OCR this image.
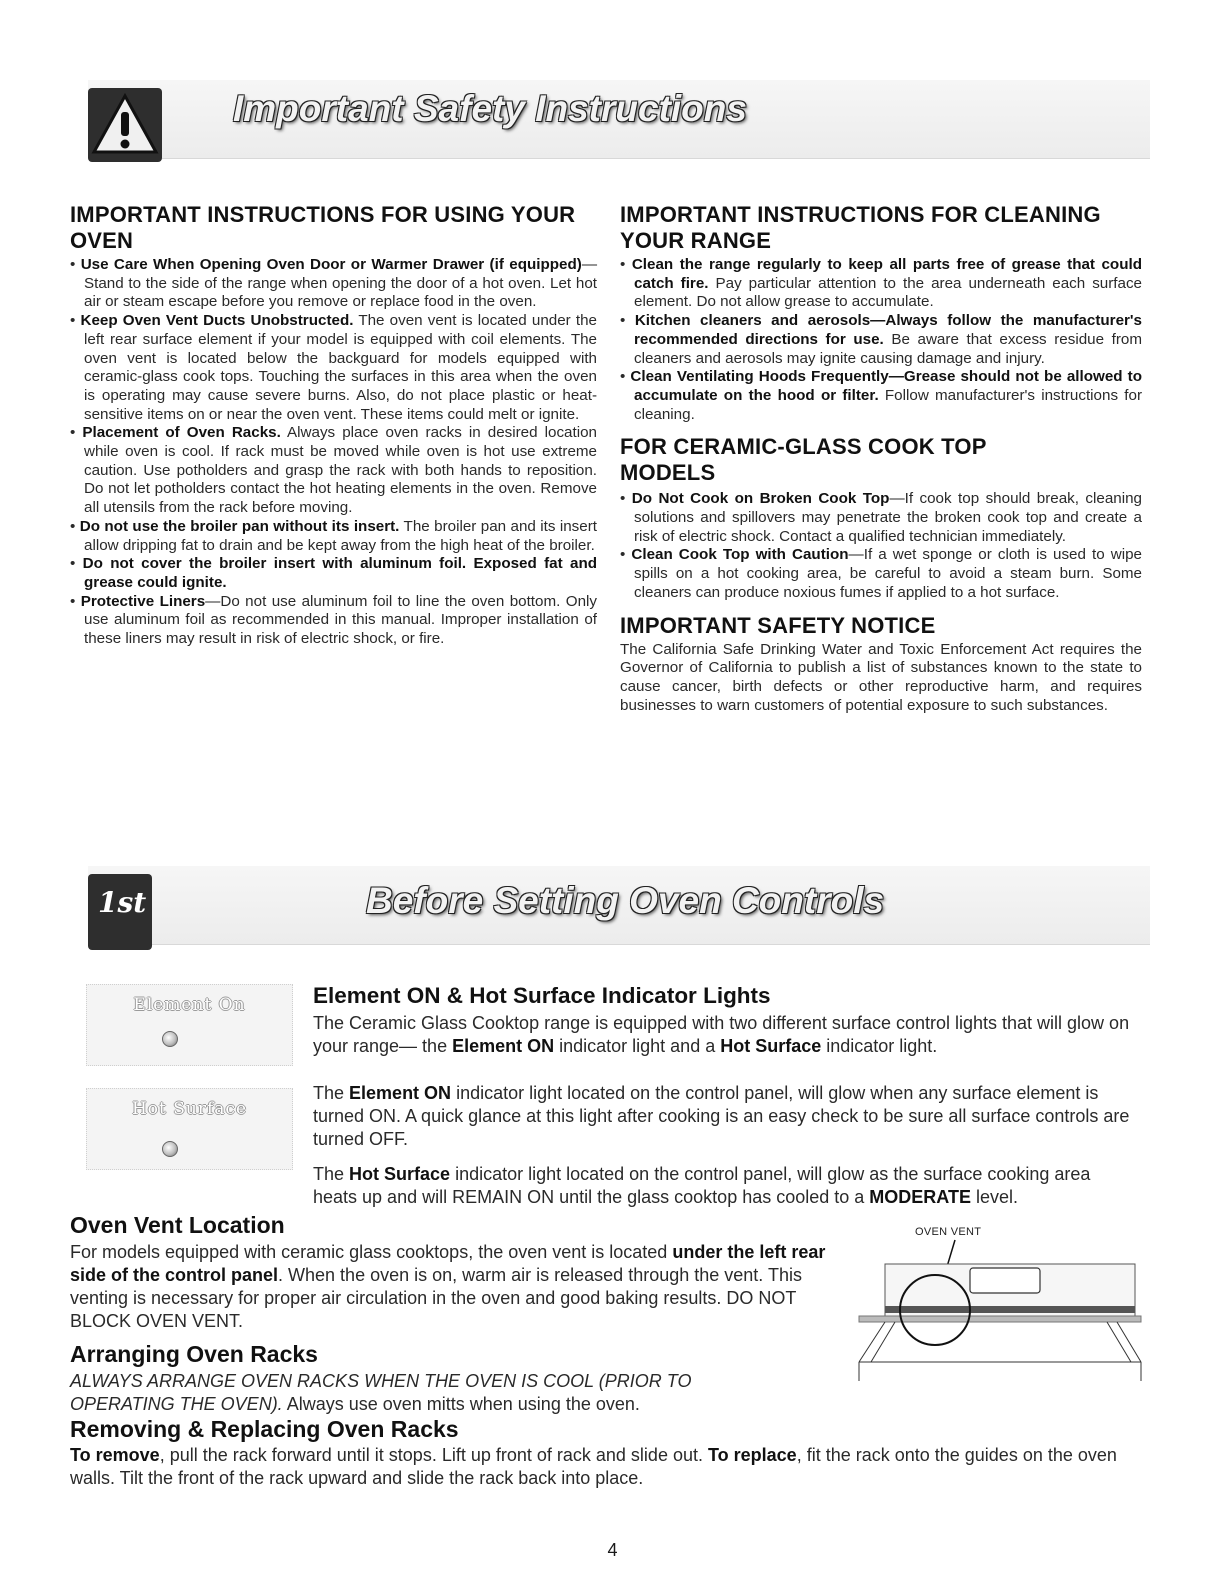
Important Safety Instructions

IMPORTANT INSTRUCTIONS FOR USING YOUR OVEN

• Use Care When Opening Oven Door or Warmer Drawer (if equipped)—Stand to the side of the range when opening the door of a hot oven. Let hot air or steam escape before you remove or replace food in the oven.

• Keep Oven Vent Ducts Unobstructed. The oven vent is located under the left rear surface element if your model is equipped with coil elements. The oven vent is located below the backguard for models equipped with ceramic-glass cook tops. Touching the surfaces in this area when the oven is operating may cause severe burns. Also, do not place plastic or heat-sensitive items on or near the oven vent. These items could melt or ignite.

• Placement of Oven Racks. Always place oven racks in desired location while oven is cool. If rack must be moved while oven is hot use extreme caution. Use potholders and grasp the rack with both hands to reposition. Do not let potholders contact the hot heating elements in the oven. Remove all utensils from the rack before moving.

• Do not use the broiler pan without its insert. The broiler pan and its insert allow dripping fat to drain and be kept away from the high heat of the broiler.

• Do not cover the broiler insert with aluminum foil. Exposed fat and grease could ignite.

• Protective Liners—Do not use aluminum foil to line the oven bottom. Only use aluminum foil as recommended in this manual. Improper installation of these liners may result in risk of electric shock, or fire.

IMPORTANT INSTRUCTIONS FOR CLEANING YOUR RANGE

• Clean the range regularly to keep all parts free of grease that could catch fire. Pay particular attention to the area underneath each surface element. Do not allow grease to accumulate.

• Kitchen cleaners and aerosols—Always follow the manufacturer's recommended directions for use. Be aware that excess residue from cleaners and aerosols may ignite causing damage and injury.

• Clean Ventilating Hoods Frequently—Grease should not be allowed to accumulate on the hood or filter. Follow manufacturer's instructions for cleaning.

FOR CERAMIC-GLASS COOK TOP MODELS

• Do Not Cook on Broken Cook Top—If cook top should break, cleaning solutions and spillovers may penetrate the broken cook top and create a risk of electric shock. Contact a qualified technician immediately.

• Clean Cook Top with Caution—If a wet sponge or cloth is used to wipe spills on a hot cooking area, be careful to avoid a steam burn. Some cleaners can produce noxious fumes if applied to a hot surface.

IMPORTANT SAFETY NOTICE

The California Safe Drinking Water and Toxic Enforcement Act requires the Governor of California to publish a list of substances known to the state to cause cancer, birth defects or other reproductive harm, and requires businesses to warn customers of potential exposure to such substances.

1st	Before Setting Oven Controls
Element On
Hot Surface
Element ON & Hot Surface Indicator Lights
The Ceramic Glass Cooktop range is equipped with two different surface control lights that will glow on your range— the Element ON indicator light and a Hot Surface indicator light.
The Element ON indicator light located on the control panel, will glow when any surface element is turned ON. A quick glance at this light after cooking is an easy check to be sure all surface controls are turned OFF.
The Hot Surface indicator light located on the control panel, will glow as the surface cooking area heats up and will REMAIN ON until the glass cooktop has cooled to a MODERATE level.
Oven Vent Location
For models equipped with ceramic glass cooktops, the oven vent is located under the left rear side of the control panel. When the oven is on, warm air is released through the vent. This venting is necessary for proper air circulation in the oven and good baking results. DO NOT BLOCK OVEN VENT.
OVEN VENT
Arranging Oven Racks
ALWAYS ARRANGE OVEN RACKS WHEN THE OVEN IS COOL (PRIOR TO OPERATING THE OVEN). Always use oven mitts when using the oven.
Removing & Replacing Oven Racks
To remove, pull the rack forward until it stops. Lift up front of rack and slide out. To replace, fit the rack onto the guides on the oven walls. Tilt the front of the rack upward and slide the rack back into place.
4
